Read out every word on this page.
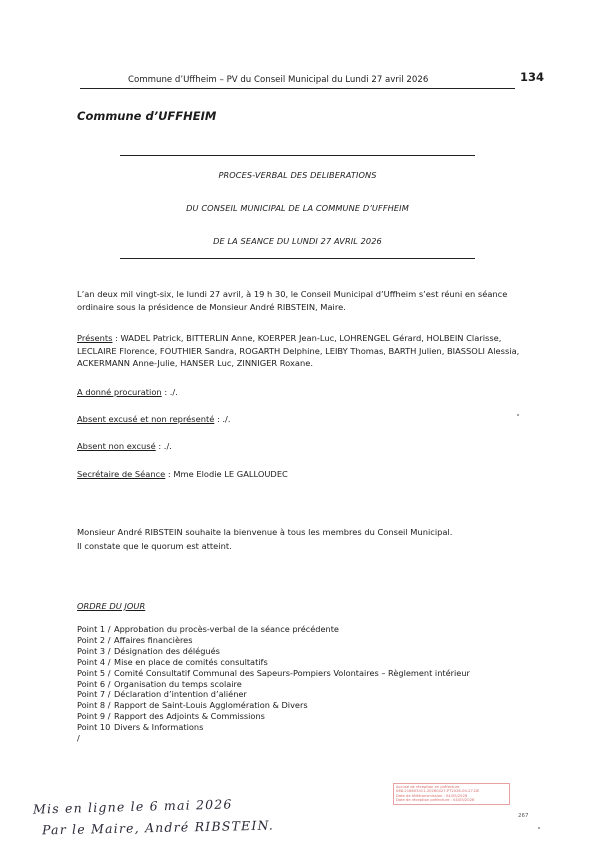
Commune d’Uffheim – PV du Conseil Municipal du Lundi 27 avril 2026	134
Commune d’UFFHEIM
PROCES-VERBAL DES DELIBERATIONS
DU CONSEIL MUNICIPAL DE LA COMMUNE D’UFFHEIM
DE LA SEANCE DU LUNDI 27 AVRIL 2026
L’an deux mil vingt-six, le lundi 27 avril, à 19 h 30, le Conseil Municipal d’Uffheim s’est réuni en séance ordinaire sous la présidence de Monsieur André RIBSTEIN, Maire.
Présents : WADEL Patrick, BITTERLIN Anne, KOERPER Jean-Luc, LOHRENGEL Gérard, HOLBEIN Clarisse, LECLAIRE Florence, FOUTHIER Sandra, ROGARTH Delphine, LEIBY Thomas, BARTH Julien, BIASSOLI Alessia, ACKERMANN Anne-Julie, HANSER Luc, ZINNIGER Roxane.
A donné procuration : ./.
Absent excusé et non représenté : ./.
Absent non excusé : ./.
Secrétaire de Séance : Mme Elodie LE GALLOUDEC
Monsieur André RIBSTEIN souhaite la bienvenue à tous les membres du Conseil Municipal.
Il constate que le quorum est atteint.
ORDRE DU JOUR
Point 1 / Approbation du procès-verbal de la séance précédente
Point 2 / Affaires financières
Point 3 / Désignation des délégués
Point 4 / Mise en place de comités consultatifs
Point 5 / Comité Consultatif Communal des Sapeurs-Pompiers Volontaires – Règlement intérieur
Point 6 / Organisation du temps scolaire
Point 7 / Déclaration d’intention d’aliéner
Point 8 / Rapport de Saint-Louis Agglomération & Divers
Point 9 / Rapport des Adjoints & Commissions
Point 10 /
Divers & Informations
Accusé de réception en préfecture
068-216803411-20260427-PT2026-04-27-DE
Date de télétransmission : 04/05/2026
Date de réception préfecture : 04/05/2026
267
Mis en ligne le 6 mai 2026
Par le Maire, André RIBSTEIN.
